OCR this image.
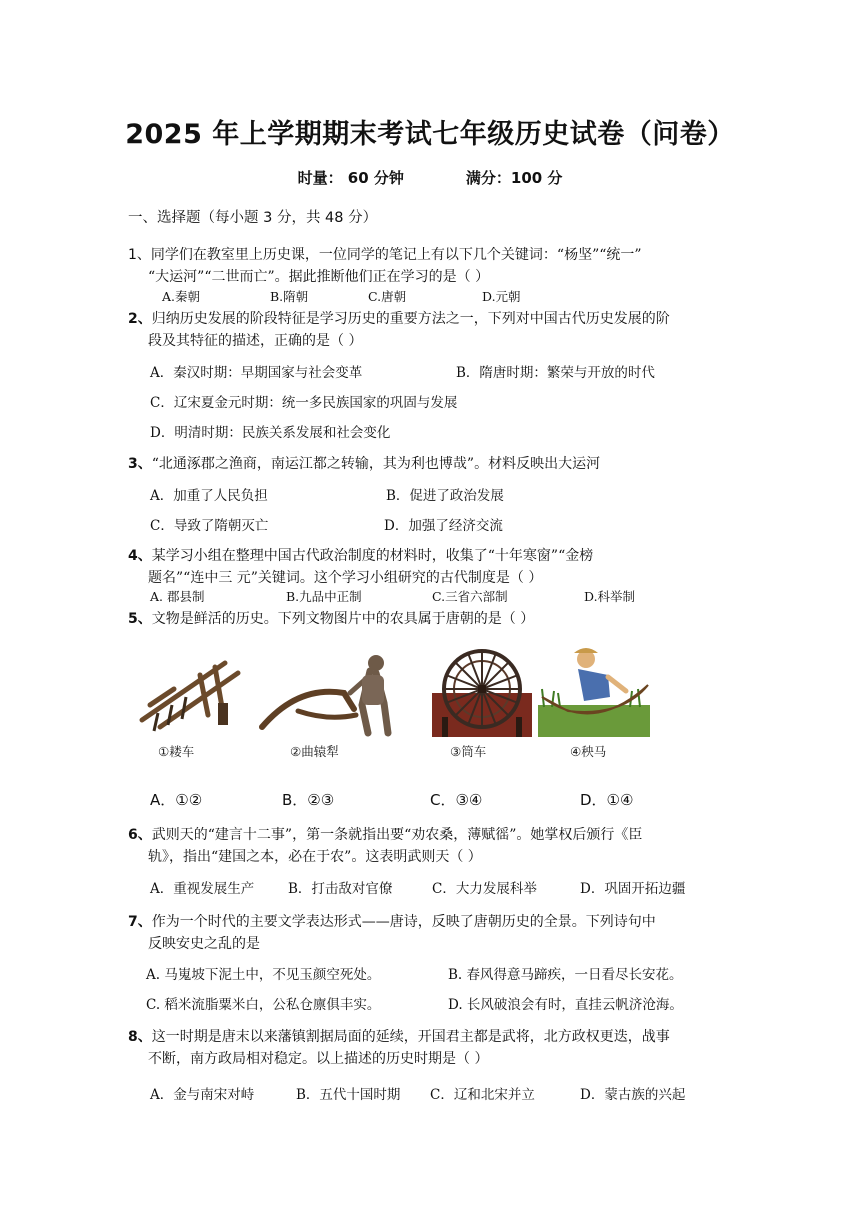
2025 年上学期期末考试七年级历史试卷（问卷）
时量： 60 分钟	满分：100 分
一、选择题（每小题 3 分，共 48 分）
1、同学们在教室里上历史课，一位同学的笔记上有以下几个关键词：“杨坚”“统一”
“大运河”“二世而亡”。据此推断他们正在学习的是（ ）
A.秦朝	B.隋朝	C.唐朝	D.元朝
2、归纳历史发展的阶段特征是学习历史的重要方法之一，下列对中国古代历史发展的阶
段及其特征的描述，正确的是（ ）
A．秦汉时期：早期国家与社会变革	B．隋唐时期：繁荣与开放的时代
C．辽宋夏金元时期：统一多民族国家的巩固与发展
D．明清时期：民族关系发展和社会变化
3、“北通涿郡之渔商，南运江都之转输，其为利也博哉”。材料反映出大运河
A．加重了人民负担	B．促进了政治发展
C．导致了隋朝灭亡	D．加强了经济交流
4、某学习小组在整理中国古代政治制度的材料时，收集了“十年寒窗”“金榜
题名”“连中三 元”关键词。这个学习小组研究的古代制度是（ ）
A. 郡县制	B.九品中正制	C.三省六部制	D.科举制
5、文物是鲜活的历史。下列文物图片中的农具属于唐朝的是（ ）
①耧车	②曲辕犁	③筒车	④秧马
A．①②	B．②③	C．③④	D．①④
6、武则天的“建言十二事”，第一条就指出要“劝农桑，薄赋徭”。她掌权后颁行《臣
轨》，指出“建国之本，必在于农”。这表明武则天（ ）
A．重视发展生产	B．打击敌对官僚	C．大力发展科举	D．巩固开拓边疆
7、作为一个时代的主要文学表达形式——唐诗，反映了唐朝历史的全景。下列诗句中
反映安史之乱的是
A. 马嵬坡下泥土中，不见玉颜空死处。	B. 春风得意马蹄疾，一日看尽长安花。
C. 稻米流脂粟米白，公私仓廪俱丰实。	D. 长风破浪会有时，直挂云帆济沧海。
8、这一时期是唐末以来藩镇割据局面的延续，开国君主都是武将，北方政权更迭，战事
不断，南方政局相对稳定。以上描述的历史时期是（ ）
A．金与南宋对峙	B．五代十国时期 C．辽和北宋并立	D．蒙古族的兴起
